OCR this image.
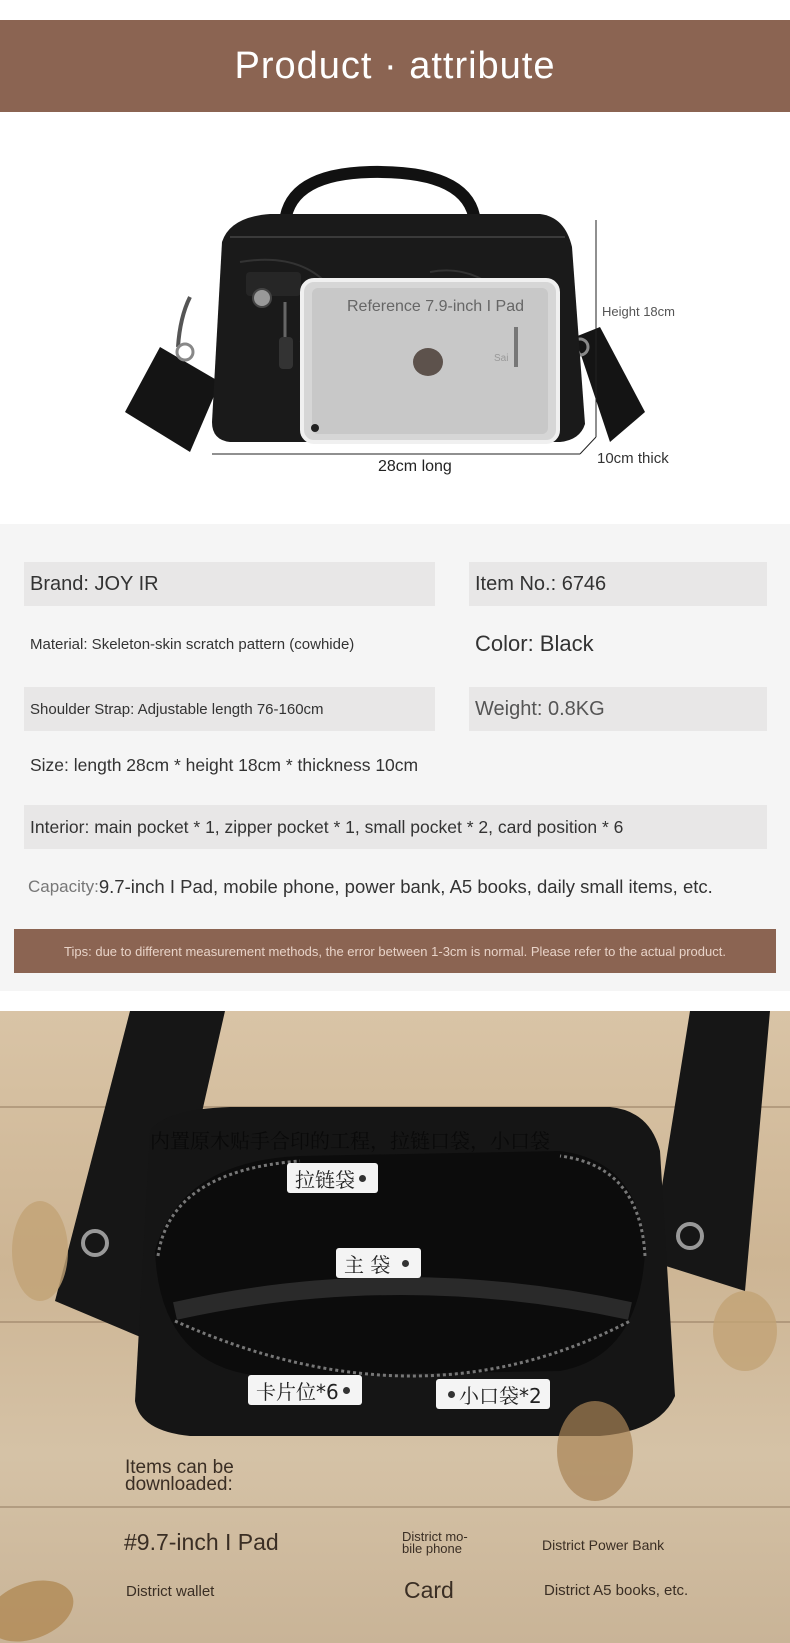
Product · attribute
Reference 7.9-inch I Pad
Sai
Height 18cm
28cm long	10cm thick
Brand: JOY IR	Item No.: 6746
Material: Skeleton-skin scratch pattern (cowhide)	Color: Black
Shoulder Strap: Adjustable length 76-160cm	Weight: 0.8KG
Size: length 28cm * height 18cm * thickness 10cm
Interior: main pocket * 1, zipper pocket * 1, small pocket * 2, card position * 6
Capacity: 9.7-inch I Pad, mobile phone, power bank, A5 books, daily small items, etc.
Tips: due to different measurement methods, the error between 1-3cm is normal. Please refer to the actual product.
内置原木贴手合印的工程，拉链口袋，小口袋
拉链袋
主 袋
卡片位*6	小口袋*2
Items can be downloaded:
#9.7-inch I Pad	District mo- bile phone	District Power Bank
District wallet	Card	District A5 books, etc.
